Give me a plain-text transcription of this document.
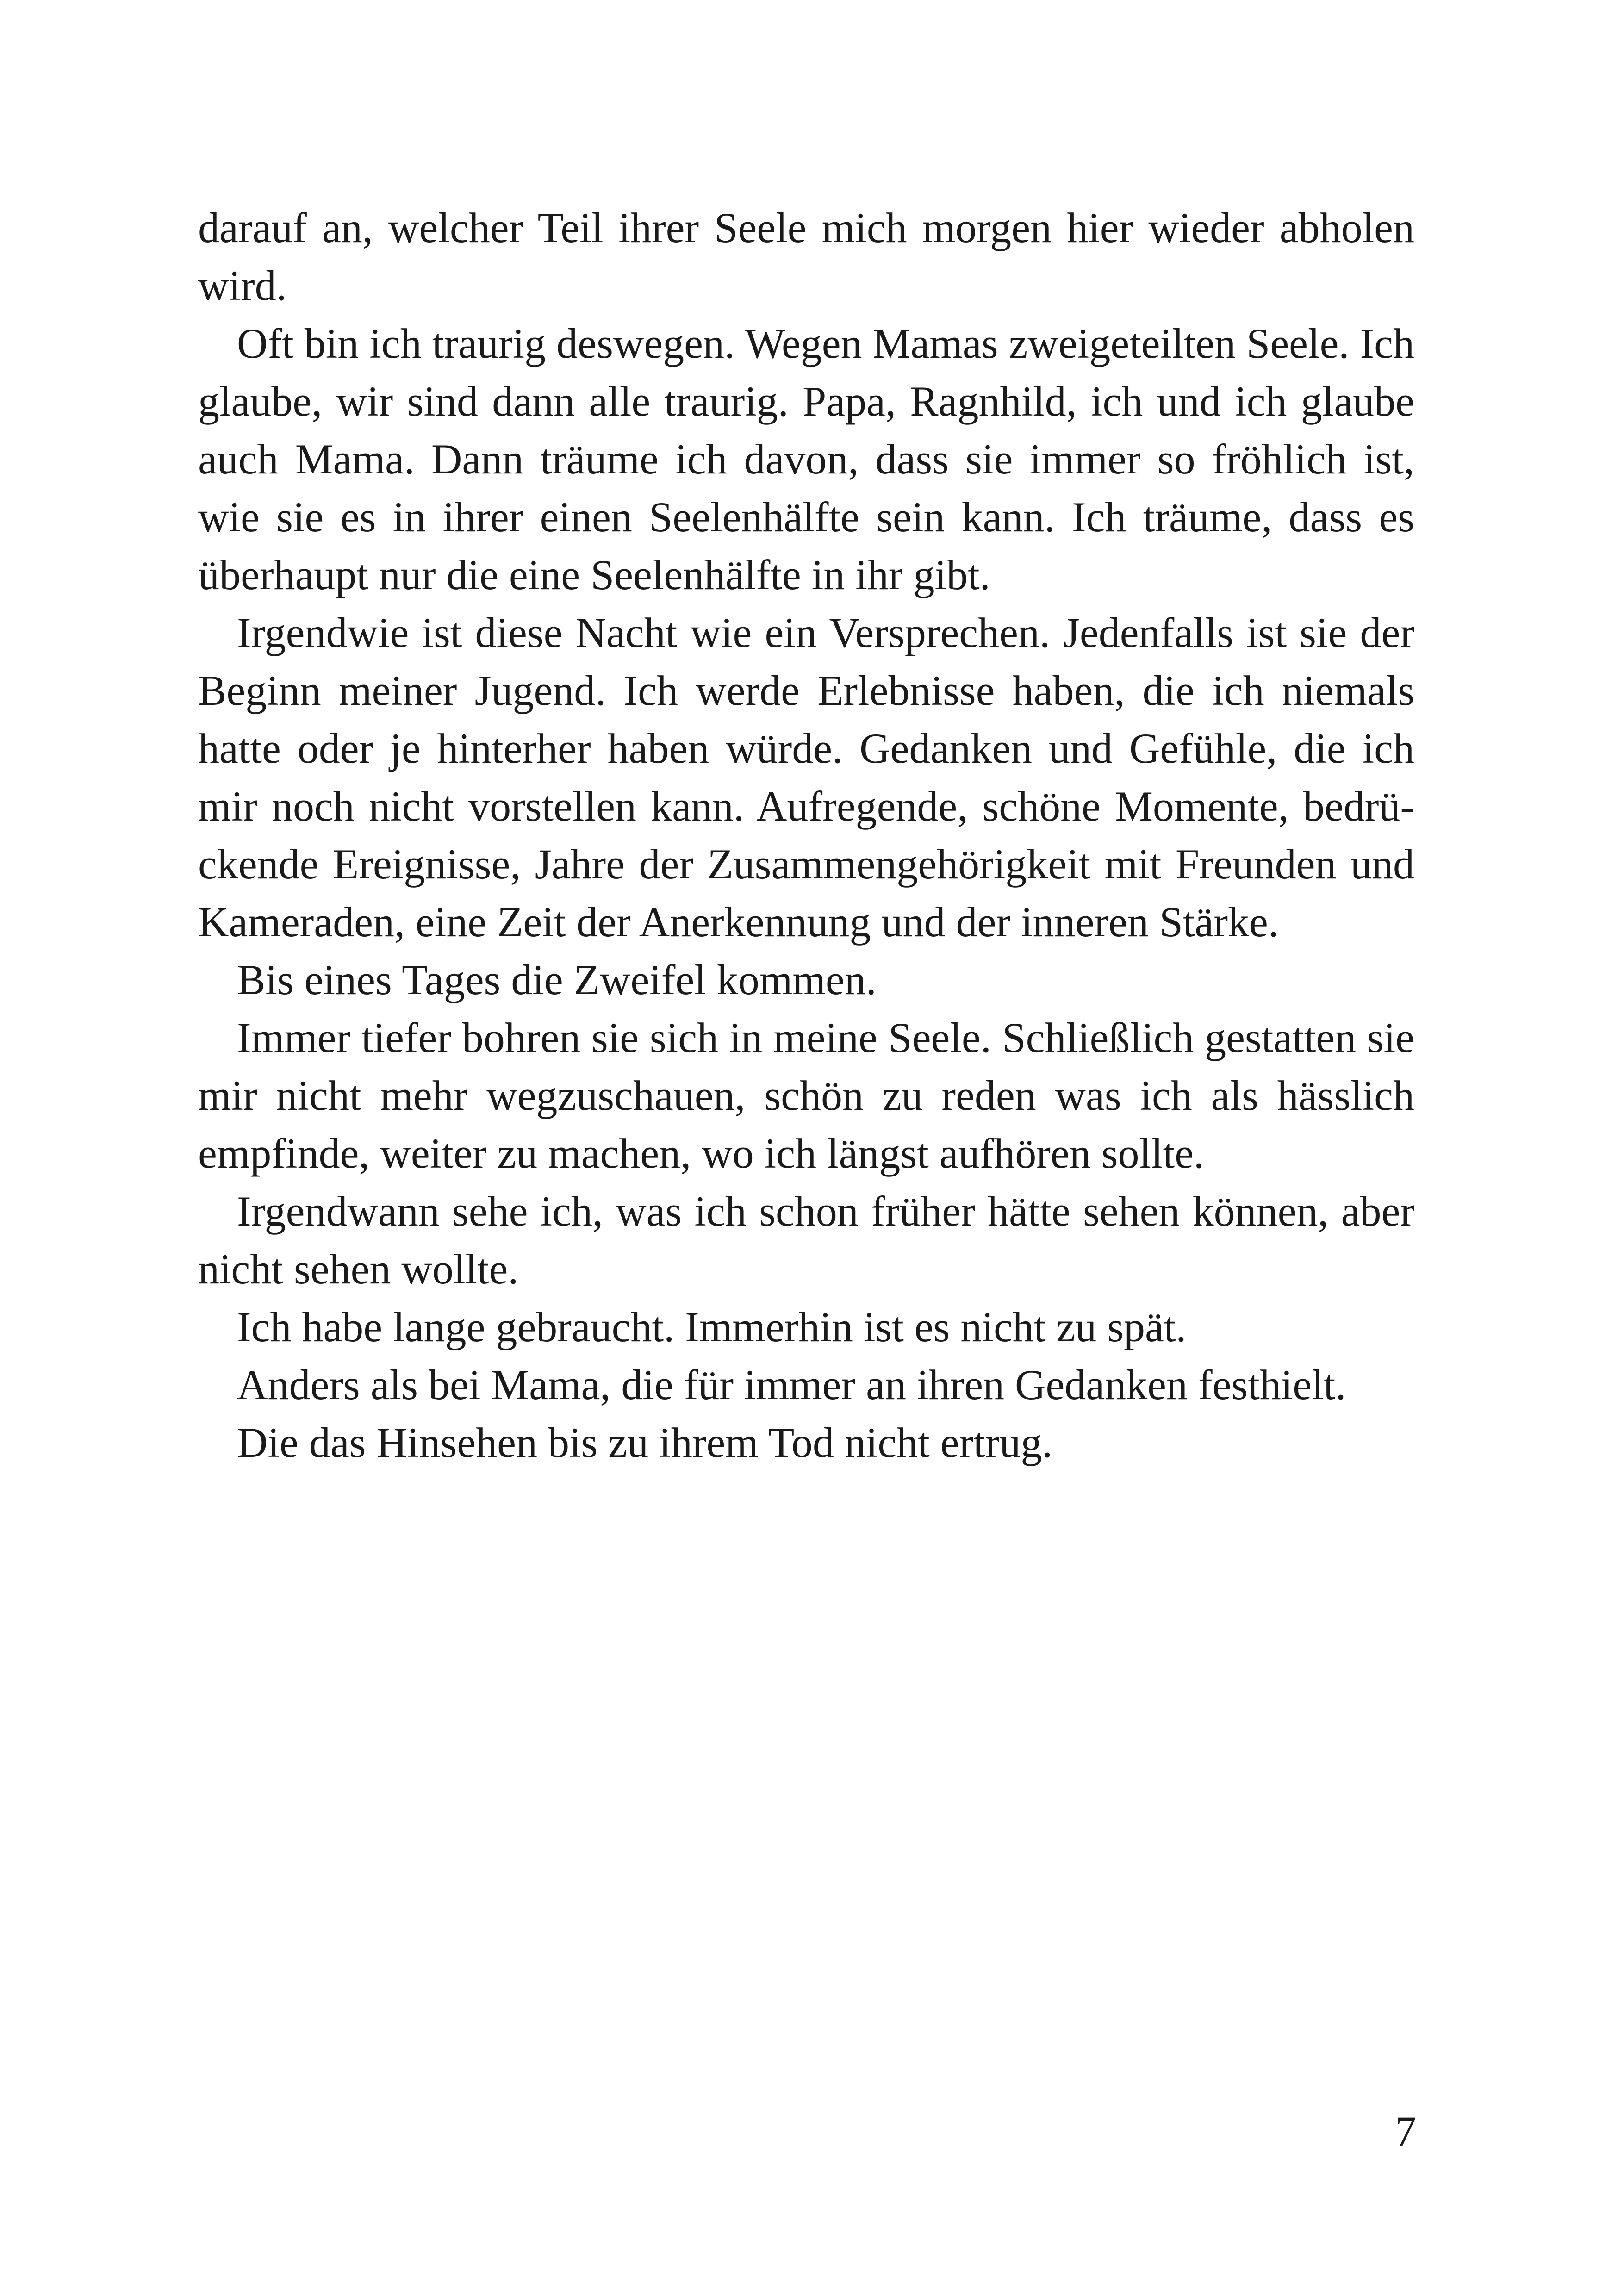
darauf an, welcher Teil ihrer Seele mich morgen hier wieder abholen wird.

Oft bin ich traurig deswegen. Wegen Mamas zweigeteilten Seele. Ich glaube, wir sind dann alle traurig. Papa, Ragnhild, ich und ich glaube auch Mama. Dann träume ich davon, dass sie immer so fröhlich ist, wie sie es in ihrer einen Seelenhälfte sein kann. Ich träume, dass es überhaupt nur die eine Seelenhälfte in ihr gibt.

Irgendwie ist diese Nacht wie ein Versprechen. Jedenfalls ist sie der Beginn meiner Jugend. Ich werde Erlebnisse haben, die ich niemals hatte oder je hinterher haben würde. Gedanken und Gefühle, die ich mir noch nicht vorstellen kann. Aufregende, schöne Momente, bedrückende Ereignisse, Jahre der Zusammengehörigkeit mit Freunden und Kameraden, eine Zeit der Anerkennung und der inneren Stärke.

Bis eines Tages die Zweifel kommen.

Immer tiefer bohren sie sich in meine Seele. Schließlich gestatten sie mir nicht mehr wegzuschauen, schön zu reden was ich als hässlich empfinde, weiter zu machen, wo ich längst aufhören sollte.

Irgendwann sehe ich, was ich schon früher hätte sehen können, aber nicht sehen wollte.

Ich habe lange gebraucht. Immerhin ist es nicht zu spät.

Anders als bei Mama, die für immer an ihren Gedanken festhielt.

Die das Hinsehen bis zu ihrem Tod nicht ertrug.

7
